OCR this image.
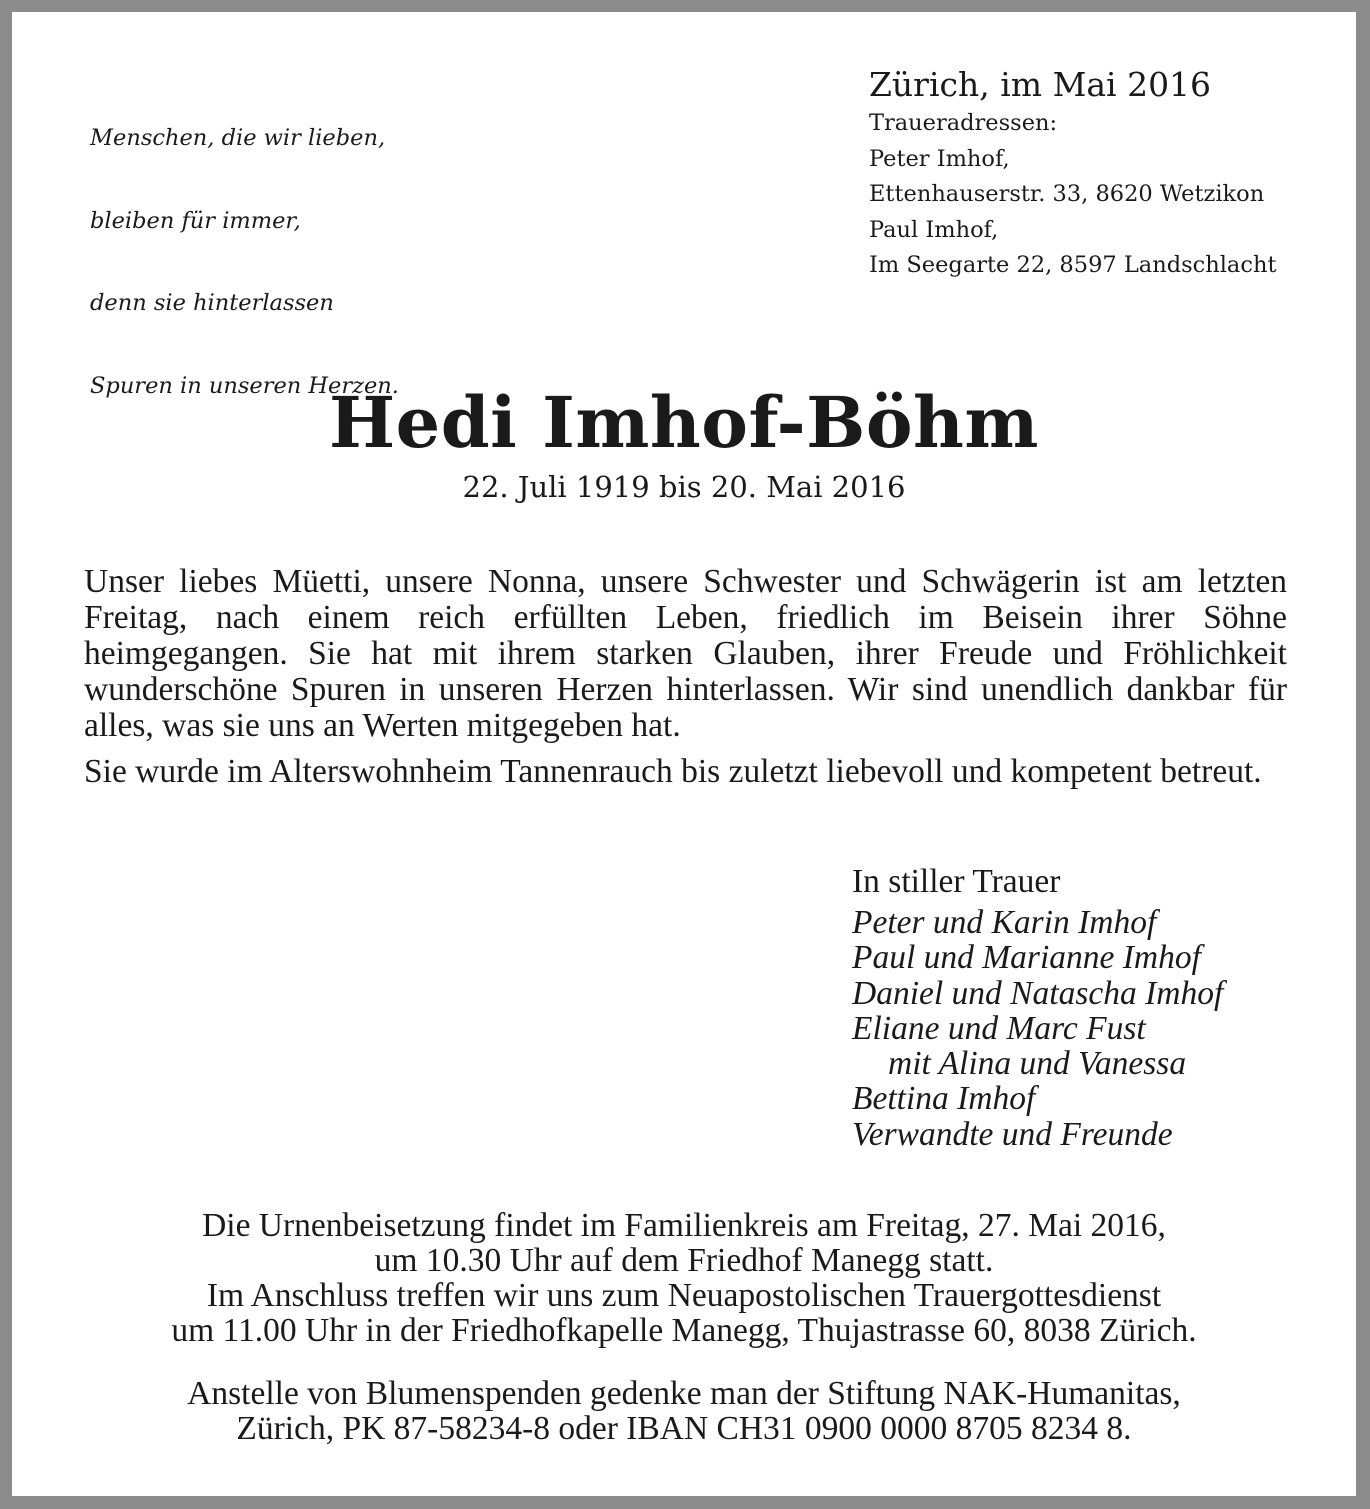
Menschen, die wir lieben,

bleiben für immer,

denn sie hinterlassen

Spuren in unseren Herzen.

Zürich, im Mai 2016
Traueradressen:
Peter Imhof,
Ettenhauserstr. 33, 8620 Wetzikon
Paul Imhof,
Im Seegarte 22, 8597 Landschlacht
Hedi Imhof-Böhm
22. Juli 1919 bis 20. Mai 2016

Unser liebes Müetti, unsere Nonna, unsere Schwester und Schwägerin ist am letzten Freitag, nach einem reich erfüllten Leben, friedlich im Beisein ihrer Söhne heimgegangen. Sie hat mit ihrem starken Glauben, ihrer Freude und Fröhlichkeit wunderschöne Spuren in unseren Herzen hinterlassen. Wir sind unendlich dankbar für alles, was sie uns an Werten mitgegeben hat.

Sie wurde im Alterswohnheim Tannenrauch bis zuletzt liebevoll und kompetent betreut.

In stiller Trauer
Peter und Karin Imhof
Paul und Marianne Imhof
Daniel und Natascha Imhof
Eliane und Marc Fust
mit Alina und Vanessa
Bettina Imhof
Verwandte und Freunde
Die Urnenbeisetzung findet im Familienkreis am Freitag, 27. Mai 2016,
um 10.30 Uhr auf dem Friedhof Manegg statt.
Im Anschluss treffen wir uns zum Neuapostolischen Trauergottesdienst
um 11.00 Uhr in der Friedhofkapelle Manegg, Thujastrasse 60, 8038 Zürich.
Anstelle von Blumenspenden gedenke man der Stiftung NAK-Humanitas,
Zürich, PK 87-58234-8 oder IBAN CH31 0900 0000 8705 8234 8.
